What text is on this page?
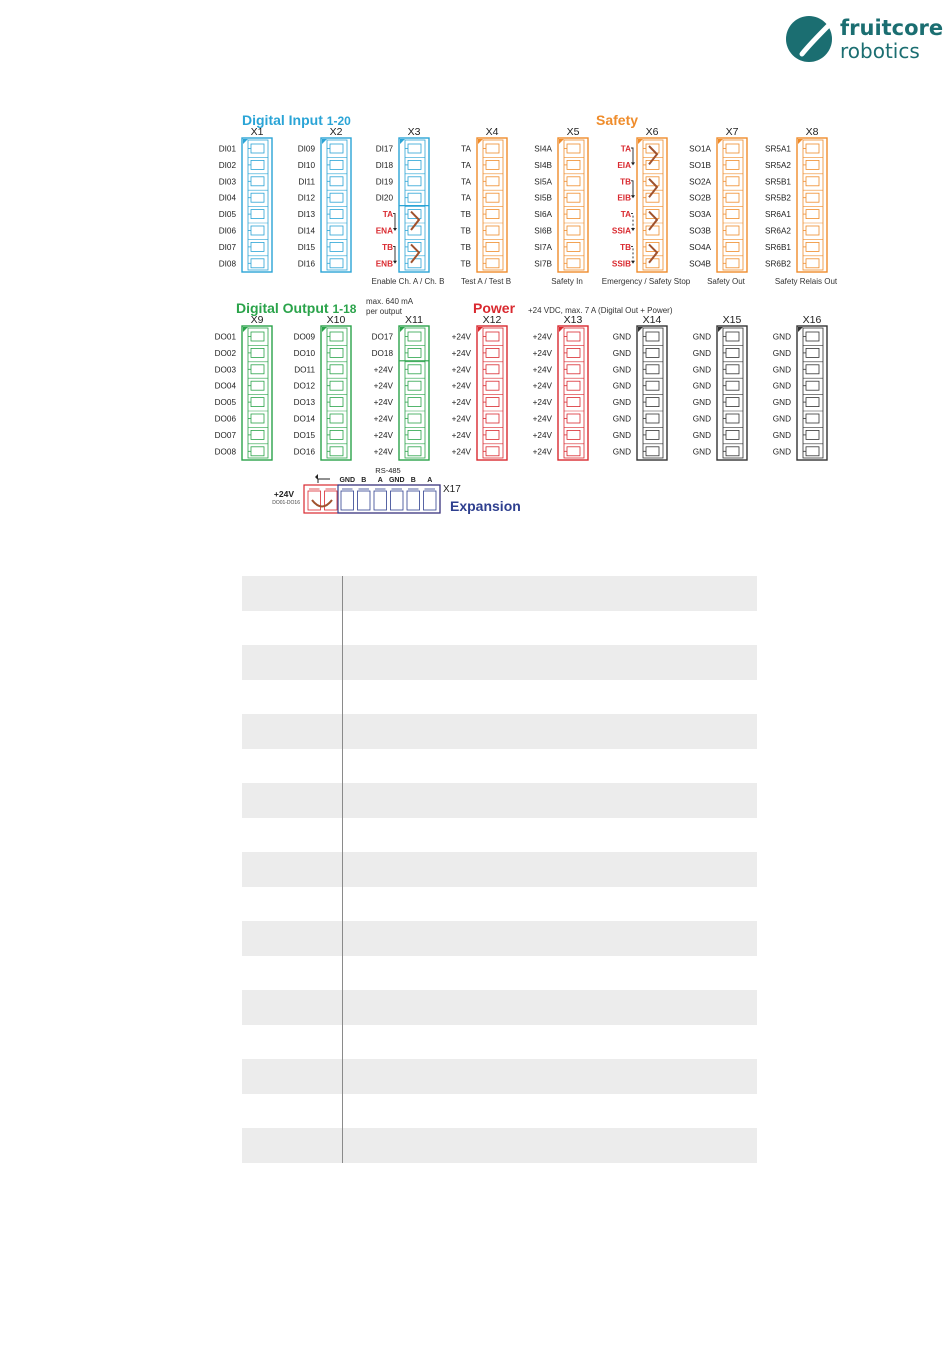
fruitcore
robotics
Digital Input 1-20	Safety
Digital Output 1-18
max. 640 mA
per output	Power +24 VDC, max. 7 A (Digital Out + Power)
Expansion
X1
DI01
DI02
DI03
DI04
DI05
DI06
DI07
DI08
X2
DI09
DI10
DI11
DI12
DI13
DI14
DI15
DI16
X3
DI17
DI18
DI19
DI20
TA
ENA
TB
ENB
Enable Ch. A / Ch. B
X4
TA
TA
TA
TA
TB
TB
TB
TB
Test A / Test B
X5
SI4A
SI4B
SI5A
SI5B
SI6A
SI6B
SI7A
SI7B
Safety In
X6
TA
EIA
TB
EIB
TA
SSIA
TB
SSIB
Emergency / Safety Stop
X7
SO1A
SO1B
SO2A
SO2B
SO3A
SO3B
SO4A
SO4B
Safety Out
X8
SR5A1
SR5A2
SR5B1
SR5B2
SR6A1
SR6A2
SR6B1
SR6B2
Safety Relais Out
X9
DO01
DO02
DO03
DO04
DO05
DO06
DO07
DO08
X10
DO09
DO10
DO11
DO12
DO13
DO14
DO15
DO16
X11
DO17
DO18
+24V
+24V
+24V
+24V
+24V
+24V
X12
+24V
+24V
+24V
+24V
+24V
+24V
+24V
+24V
X13
+24V
+24V
+24V
+24V
+24V
+24V
+24V
+24V
X14
GND
GND
GND
GND
GND
GND
GND
GND
X15
GND
GND
GND
GND
GND
GND
GND
GND
X16
GND
GND
GND
GND
GND
GND
GND
GND
+24V
DO01-DO16
RS-485
X17
GND B A GND B A
